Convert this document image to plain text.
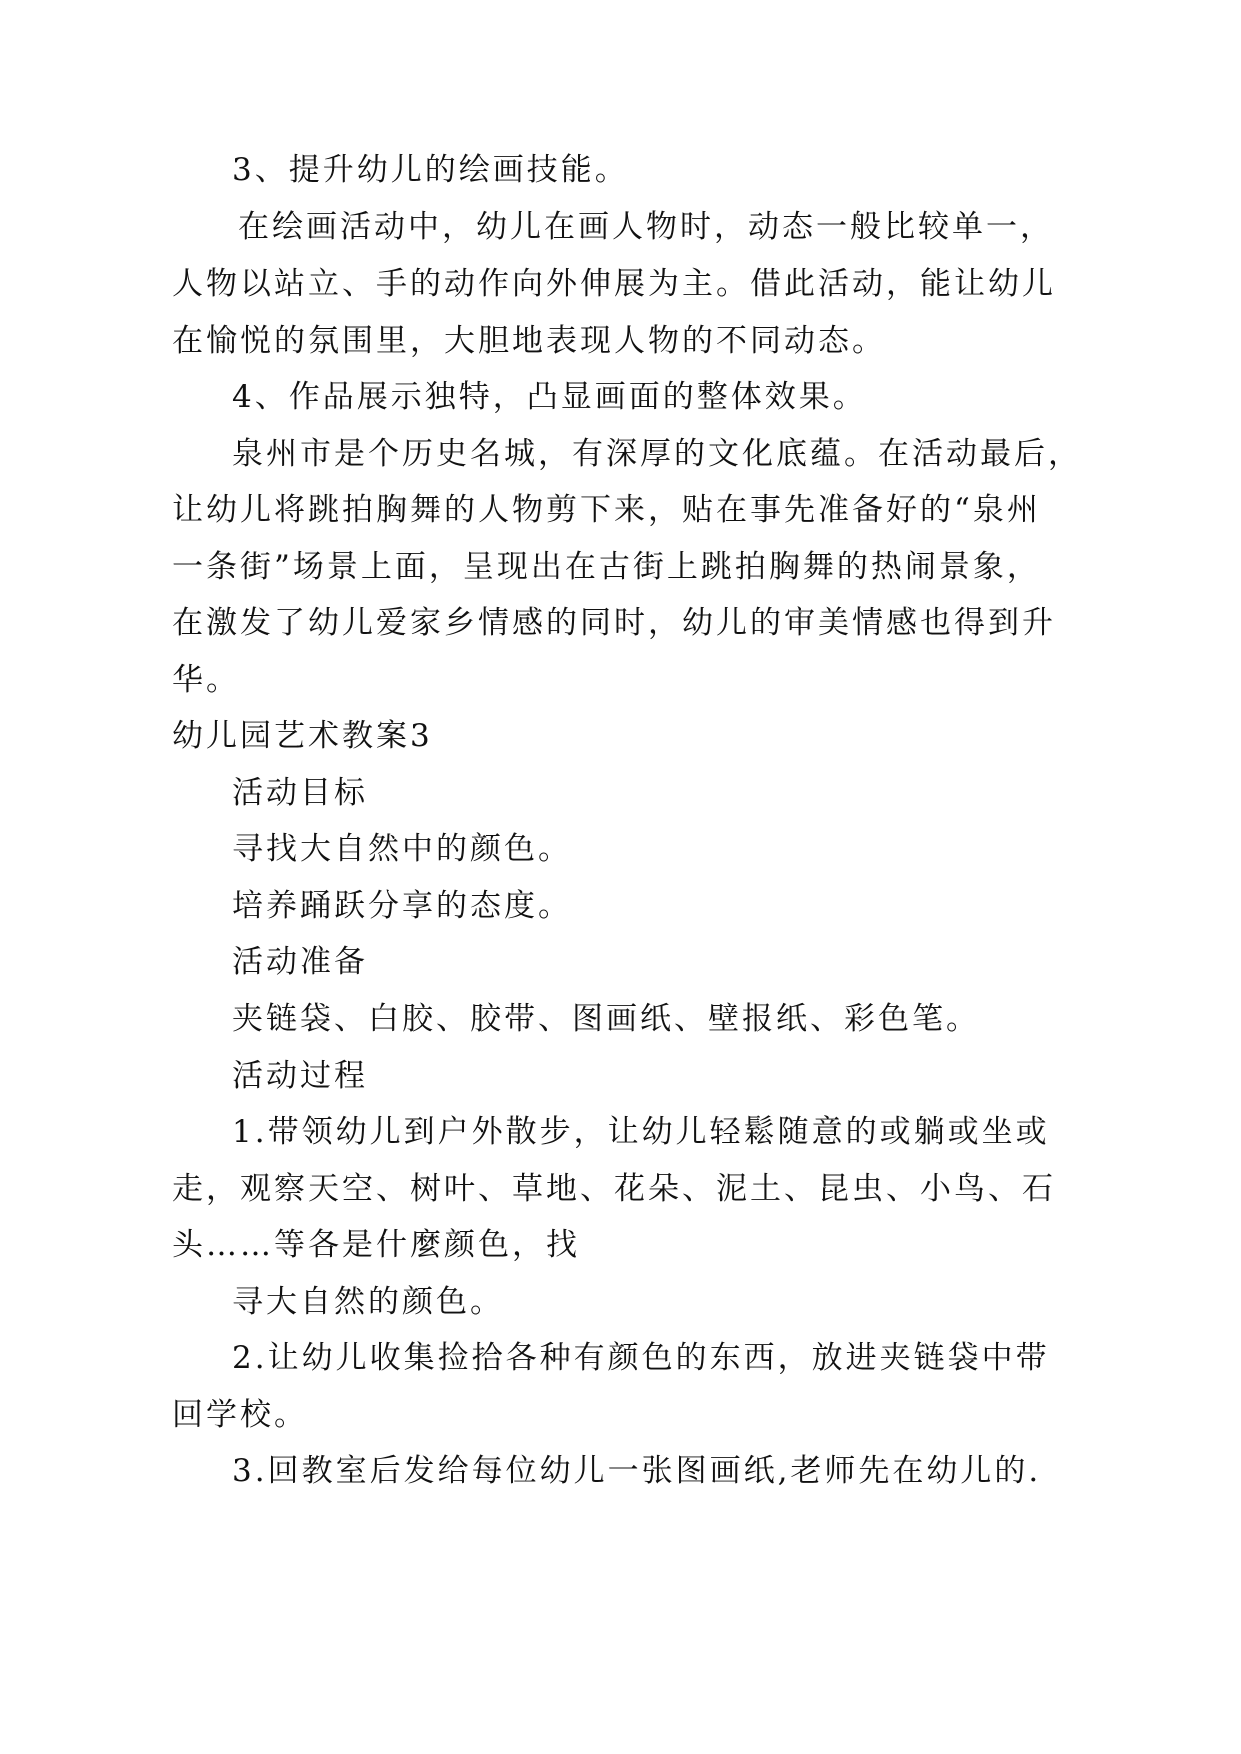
3、提升幼儿的绘画技能。
在绘画活动中，幼儿在画人物时，动态一般比较单一，
人物以站立、手的动作向外伸展为主。借此活动，能让幼儿
在愉悦的氛围里，大胆地表现人物的不同动态。
4、作品展示独特，凸显画面的整体效果。
泉州市是个历史名城，有深厚的文化底蕴。在活动最后，
让幼儿将跳拍胸舞的人物剪下来，贴在事先准备好的“泉州
一条街”场景上面，呈现出在古街上跳拍胸舞的热闹景象，
在激发了幼儿爱家乡情感的同时，幼儿的审美情感也得到升
华。
幼儿园艺术教案3
活动目标
寻找大自然中的颜色。
培养踊跃分享的态度。
活动准备
夹链袋、白胶、胶带、图画纸、壁报纸、彩色笔。
活动过程
1.带领幼儿到户外散步，让幼儿轻鬆随意的或躺或坐或
走，观察天空、树叶、草地、花朵、泥土、昆虫、小鸟、石
头……等各是什麼颜色，找
寻大自然的颜色。
2.让幼儿收集捡拾各种有颜色的东西，放进夹链袋中带
回学校。
3.回教室后发给每位幼儿一张图画纸,老师先在幼儿的.
